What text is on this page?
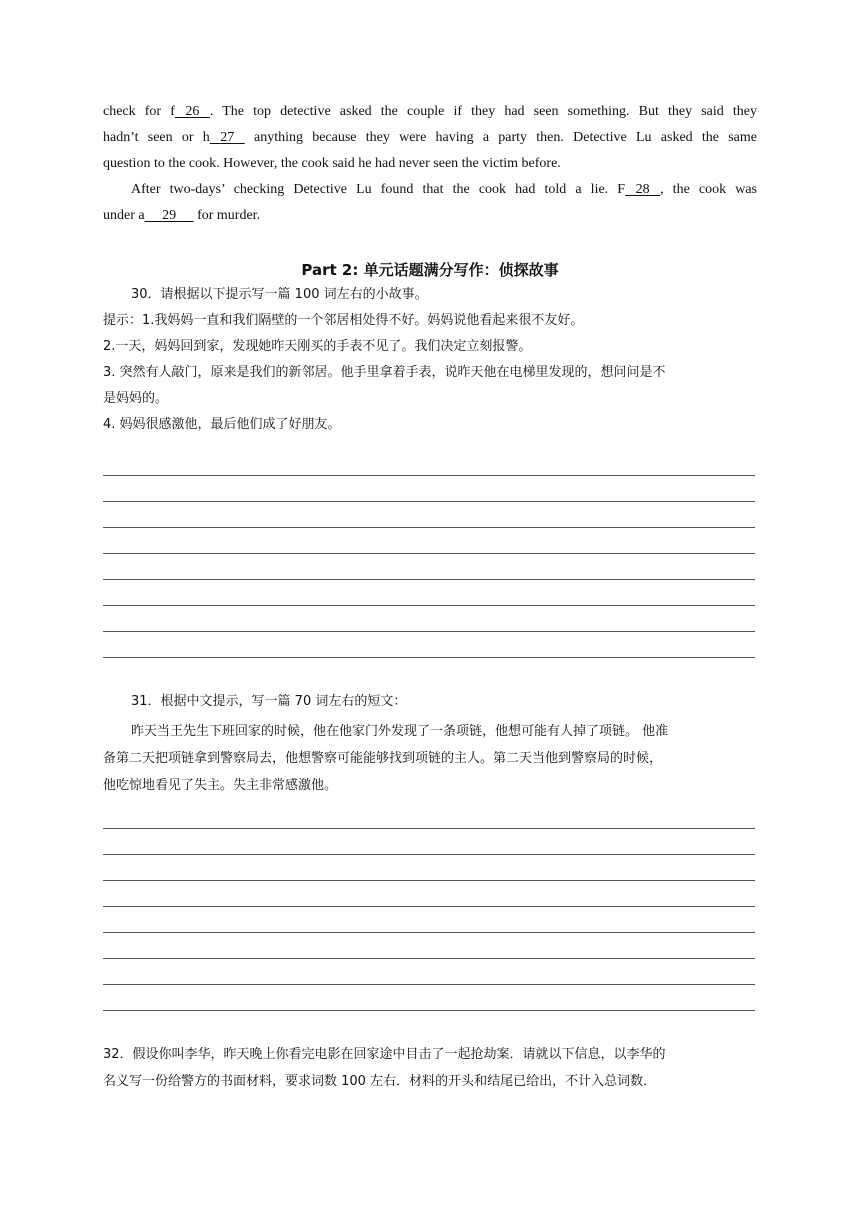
check for f 26 . The top detective asked the couple if they had seen something. But they said they
hadn’t seen or h 27    anything because they were having a party then. Detective Lu asked the same
question to the cook. However, the cook said he had never seen the victim before.
After two-days’ checking Detective Lu found that the cook had told a lie. F 28 , the cook was
under a 29      for murder.
Part 2: 单元话题满分写作：侦探故事
30．请根据以下提示写一篇 100 词左右的小故事。
提示：1.我妈妈一直和我们隔壁的一个邻居相处得不好。妈妈说他看起来很不友好。
2.一天，妈妈回到家，发现她昨天刚买的手表不见了。我们决定立刻报警。
3. 突然有人敲门，原来是我们的新邻居。他手里拿着手表，说昨天他在电梯里发现的，想问问是不
是妈妈的。
4. 妈妈很感激他，最后他们成了好朋友。
31．根据中文提示，写一篇 70 词左右的短文：
昨天当王先生下班回家的时候，他在他家门外发现了一条项链，他想可能有人掉了项链。 他准
备第二天把项链拿到警察局去，他想警察可能能够找到项链的主人。第二天当他到警察局的时候，
他吃惊地看见了失主。失主非常感激他。
32．假设你叫李华，昨天晚上你看完电影在回家途中目击了一起抢劫案．请就以下信息，以李华的
名义写一份给警方的书面材料，要求词数 100 左右．材料的开头和结尾已给出，不计入总词数．
